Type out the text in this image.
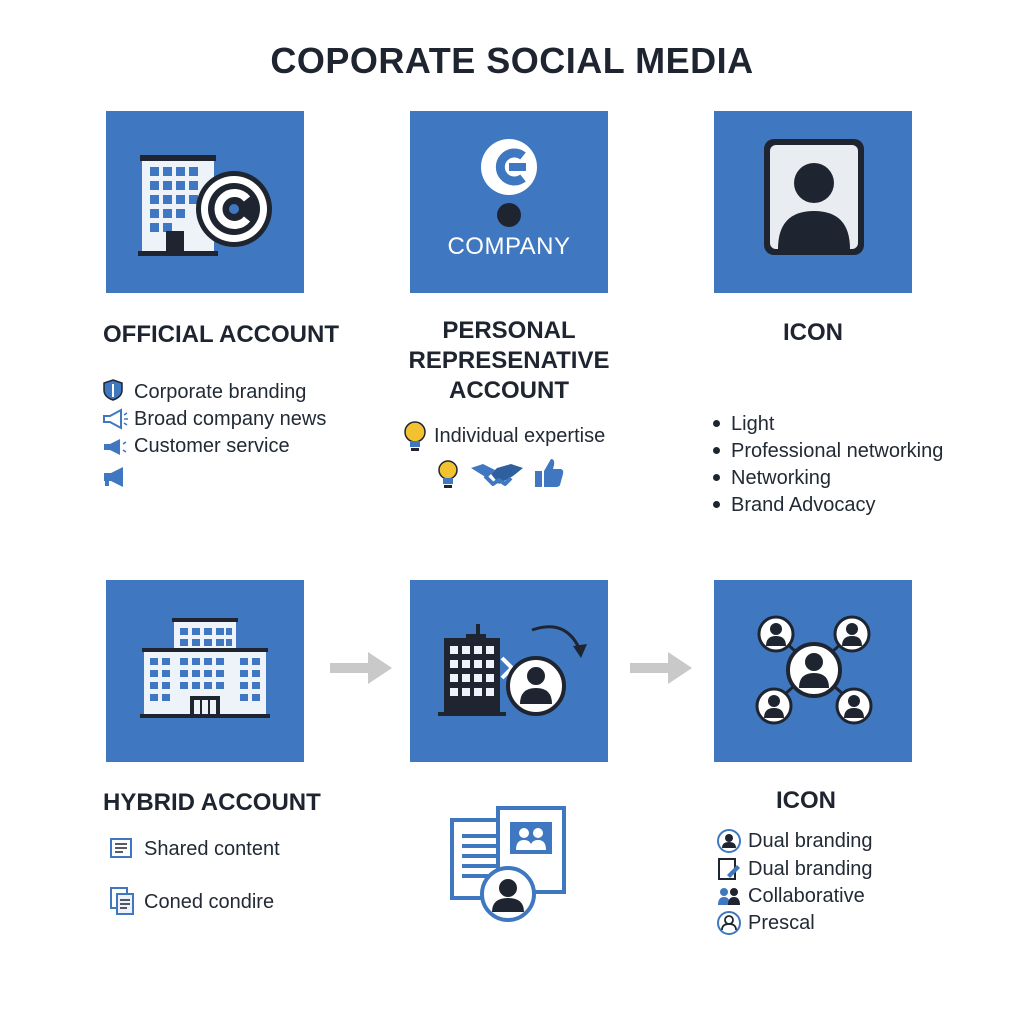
COPORATE SOCIAL MEDIA
COMPANY
OFFICIAL ACCOUNT
Corporate branding
Broad company news
Customer service
PERSONAL
REPRESENATIVE
ACCOUNT
Individual expertise
ICON
Light
Professional networking
Networking
Brand Advocacy
HYBRID ACCOUNT
Shared content
Coned condire
ICON
Dual branding
Dual branding
Collaborative
Prescal
